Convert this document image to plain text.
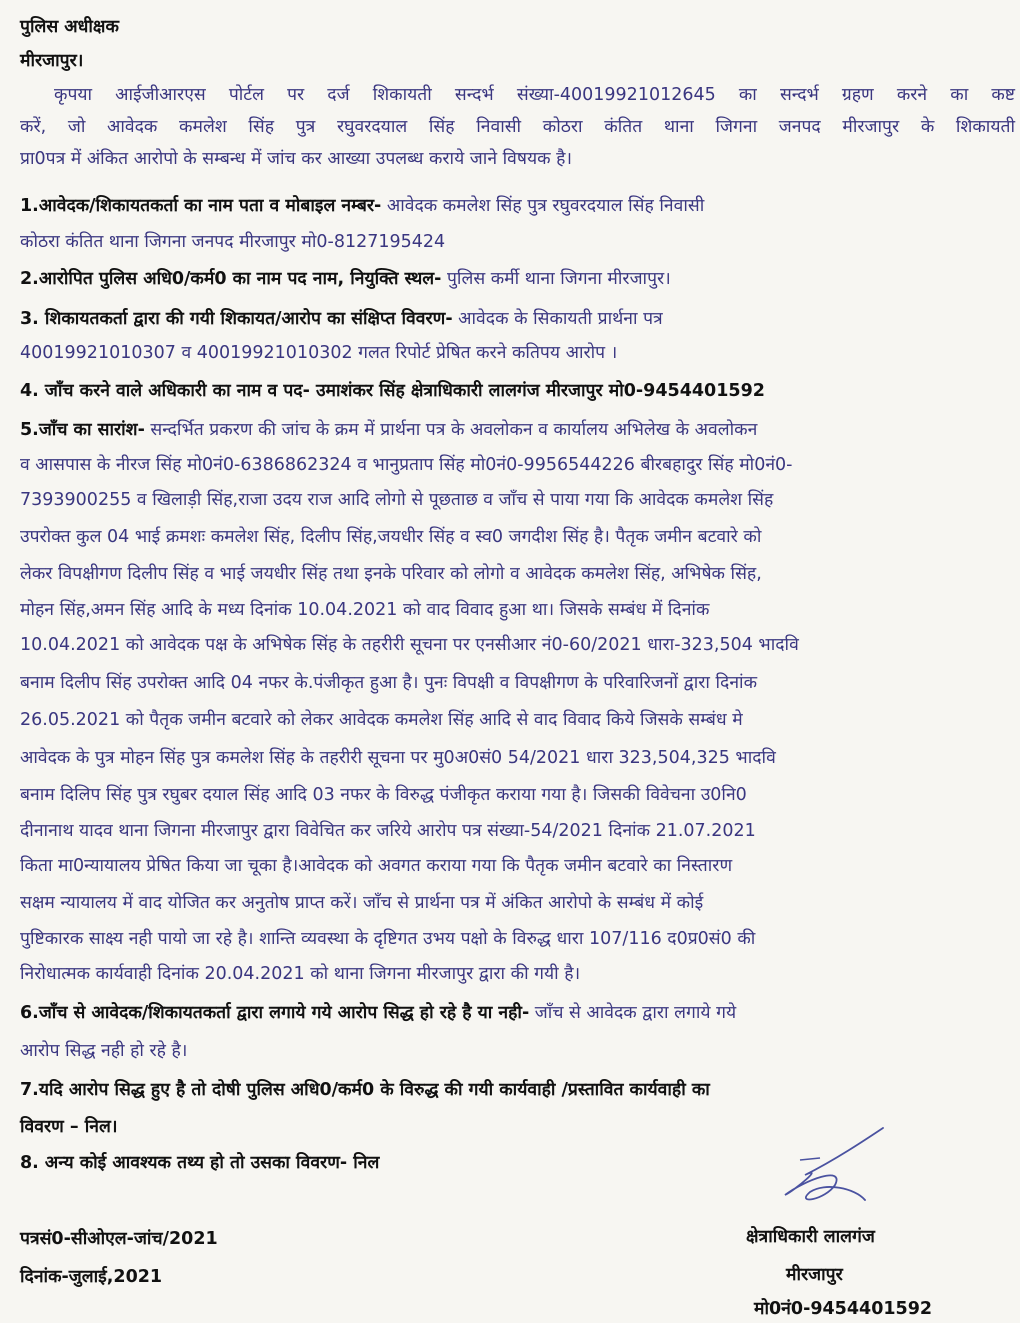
पुलिस अधीक्षक
मीरजापुर।
कृपया आईजीआरएस पोर्टल पर दर्ज शिकायती सन्दर्भ संख्या-40019921012645 का सन्दर्भ ग्रहण करने का कष्ट
करें, जो आवेदक कमलेश सिंह पुत्र रघुवरदयाल सिंह निवासी कोठरा कंतित थाना जिगना जनपद मीरजापुर के शिकायती
प्रा0पत्र में अंकित आरोपो के सम्बन्ध में जांच कर आख्या उपलब्ध कराये जाने विषयक है।
1.आवेदक/शिकायतकर्ता का नाम पता व मोबाइल नम्बर- आवेदक कमलेश सिंह पुत्र रघुवरदयाल सिंह निवासी
कोठरा कंतित थाना जिगना जनपद मीरजापुर मो0-8127195424
2.आरोपित पुलिस अधि0/कर्म0 का नाम पद नाम, नियुक्ति स्थल- पुलिस कर्मी थाना जिगना मीरजापुर।
3. शिकायतकर्ता द्वारा की गयी शिकायत/आरोप का संक्षिप्त विवरण- आवेदक के सिकायती प्रार्थना पत्र
40019921010307 व 40019921010302 गलत रिपोर्ट प्रेषित करने कतिपय आरोप ।
4. जाँच करने वाले अधिकारी का नाम व पद- उमाशंकर सिंह क्षेत्राधिकारी लालगंज मीरजापुर मो0-9454401592
5.जाँच का सारांश- सन्दर्भित प्रकरण की जांच के क्रम में प्रार्थना पत्र के अवलोकन व कार्यालय अभिलेख के अवलोकन
व आसपास के नीरज सिंह मो0नं0-6386862324 व भानुप्रताप सिंह मो0नं0-9956544226 बीरबहादुर सिंह मो0नं0-
7393900255 व खिलाड़ी सिंह,राजा उदय राज आदि लोगो से पूछताछ व जाँच से पाया गया कि आवेदक कमलेश सिंह
उपरोक्त कुल 04 भाई क्रमशः कमलेश सिंह, दिलीप सिंह,जयधीर सिंह व स्व0 जगदीश सिंह है। पैतृक जमीन बटवारे को
लेकर विपक्षीगण दिलीप सिंह व भाई जयधीर सिंह तथा इनके परिवार को लोगो व आवेदक कमलेश सिंह, अभिषेक सिंह,
मोहन सिंह,अमन सिंह आदि के मध्य दिनांक 10.04.2021 को वाद विवाद हुआ था। जिसके सम्बंध में दिनांक
10.04.2021 को आवेदक पक्ष के अभिषेक सिंह के तहरीरी सूचना पर एनसीआर नं0-60/2021 धारा-323,504 भादवि
बनाम दिलीप सिंह उपरोक्त आदि 04 नफर के.पंजीकृत हुआ है। पुनः विपक्षी व विपक्षीगण के परिवारिजनों द्वारा दिनांक
26.05.2021 को पैतृक जमीन बटवारे को लेकर आवेदक कमलेश सिंह आदि से वाद विवाद किये जिसके सम्बंध मे
आवेदक के पुत्र मोहन सिंह पुत्र कमलेश सिंह के तहरीरी सूचना पर मु0अ0सं0 54/2021 धारा 323,504,325 भादवि
बनाम दिलिप सिंह पुत्र रघुबर दयाल सिंह आदि 03 नफर के विरुद्ध पंजीकृत कराया गया है। जिसकी विवेचना उ0नि0
दीनानाथ यादव थाना जिगना मीरजापुर द्वारा विवेचित कर जरिये आरोप पत्र संख्या-54/2021 दिनांक 21.07.2021
किता मा0न्यायालय प्रेषित किया जा चूका है।आवेदक को अवगत कराया गया कि पैतृक जमीन बटवारे का निस्तारण
सक्षम न्यायालय में वाद योजित कर अनुतोष प्राप्त करें। जाँच से प्रार्थना पत्र में अंकित आरोपो के सम्बंध में कोई
पुष्टिकारक साक्ष्य नही पायो जा रहे है। शान्ति व्यवस्था के दृष्टिगत उभय पक्षो के विरुद्ध धारा 107/116 द0प्र0सं0 की
निरोधात्मक कार्यवाही दिनांक 20.04.2021 को थाना जिगना मीरजापुर द्वारा की गयी है।
6.जाँच से आवेदक/शिकायतकर्ता द्वारा लगाये गये आरोप सिद्ध हो रहे है या नही- जाँच से आवेदक द्वारा लगाये गये
आरोप सिद्ध नही हो रहे है।
7.यदि आरोप सिद्ध हुए है तो दोषी पुलिस अधि0/कर्म0 के विरुद्ध की गयी कार्यवाही /प्रस्तावित कार्यवाही का
विवरण – निल।
8. अन्य कोई आवश्यक तथ्य हो तो उसका विवरण- निल
पत्रसं0-सीओएल-जांच/2021
दिनांक-जुलाई,2021
क्षेत्राधिकारी लालगंज
मीरजापुर
मो0नं0-9454401592
